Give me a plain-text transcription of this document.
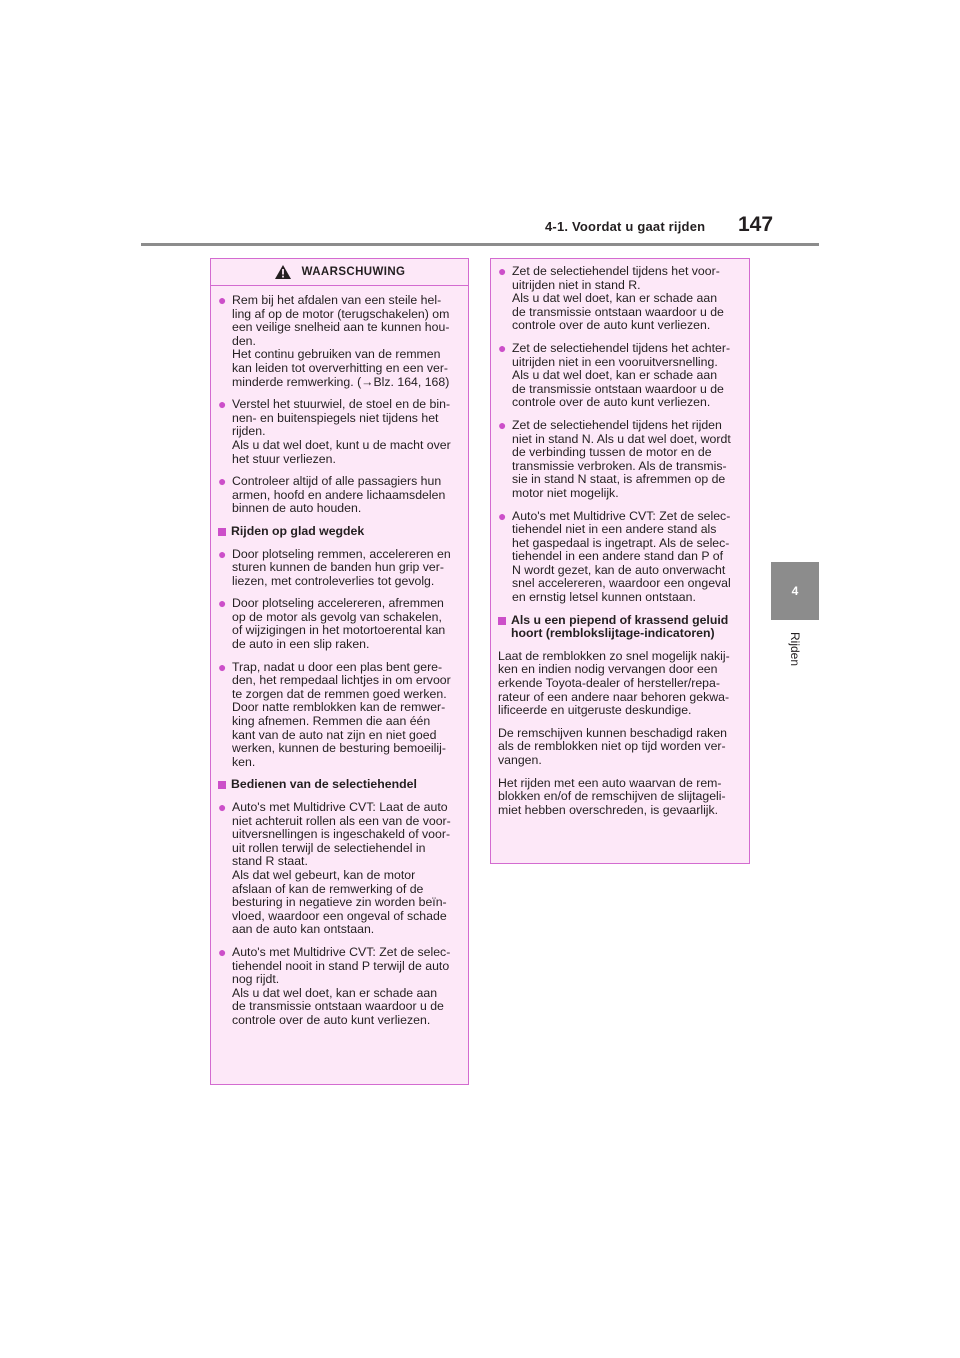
4-1. Voordat u gaat rijden 147
4
Rijden
WAARSCHUWING
● Rem bij het afdalen van een steile hel-
ling af op de motor (terugschakelen) om
een veilige snelheid aan te kunnen hou-
den.
Het continu gebruiken van de remmen
kan leiden tot oververhitting en een ver-
minderde remwerking. (→Blz. 164, 168)
● Verstel het stuurwiel, de stoel en de bin-
nen- en buitenspiegels niet tijdens het
rijden.
Als u dat wel doet, kunt u de macht over
het stuur verliezen.
● Controleer altijd of alle passagiers hun
armen, hoofd en andere lichaamsdelen
binnen de auto houden.
Rijden op glad wegdek
● Door plotseling remmen, accelereren en
sturen kunnen de banden hun grip ver-
liezen, met controleverlies tot gevolg.
● Door plotseling accelereren, afremmen
op de motor als gevolg van schakelen,
of wijzigingen in het motortoerental kan
de auto in een slip raken.
● Trap, nadat u door een plas bent gere-
den, het rempedaal lichtjes in om ervoor
te zorgen dat de remmen goed werken.
Door natte remblokken kan de remwer-
king afnemen. Remmen die aan één
kant van de auto nat zijn en niet goed
werken, kunnen de besturing bemoeilij-
ken.
Bedienen van de selectiehendel
● Auto's met Multidrive CVT: Laat de auto
niet achteruit rollen als een van de voor-
uitversnellingen is ingeschakeld of voor-
uit rollen terwijl de selectiehendel in
stand R staat.
Als dat wel gebeurt, kan de motor
afslaan of kan de remwerking of de
besturing in negatieve zin worden beïn-
vloed, waardoor een ongeval of schade
aan de auto kan ontstaan.
● Auto's met Multidrive CVT: Zet de selec-
tiehendel nooit in stand P terwijl de auto
nog rijdt.
Als u dat wel doet, kan er schade aan
de transmissie ontstaan waardoor u de
controle over de auto kunt verliezen.
● Zet de selectiehendel tijdens het voor-
uitrijden niet in stand R.
Als u dat wel doet, kan er schade aan
de transmissie ontstaan waardoor u de
controle over de auto kunt verliezen.
● Zet de selectiehendel tijdens het achter-
uitrijden niet in een vooruitversnelling.
Als u dat wel doet, kan er schade aan
de transmissie ontstaan waardoor u de
controle over de auto kunt verliezen.
● Zet de selectiehendel tijdens het rijden
niet in stand N. Als u dat wel doet, wordt
de verbinding tussen de motor en de
transmissie verbroken. Als de transmis-
sie in stand N staat, is afremmen op de
motor niet mogelijk.
● Auto's met Multidrive CVT: Zet de selec-
tiehendel niet in een andere stand als
het gaspedaal is ingetrapt. Als de selec-
tiehendel in een andere stand dan P of
N wordt gezet, kan de auto onverwacht
snel accelereren, waardoor een ongeval
en ernstig letsel kunnen ontstaan.
Als u een piepend of krassend geluid
hoort (remblokslijtage-indicatoren)
Laat de remblokken zo snel mogelijk nakij-
ken en indien nodig vervangen door een
erkende Toyota-dealer of hersteller/repa-
rateur of een andere naar behoren gekwa-
lificeerde en uitgeruste deskundige.
De remschijven kunnen beschadigd raken
als de remblokken niet op tijd worden ver-
vangen.
Het rijden met een auto waarvan de rem-
blokken en/of de remschijven de slijtageli-
miet hebben overschreden, is gevaarlijk.
